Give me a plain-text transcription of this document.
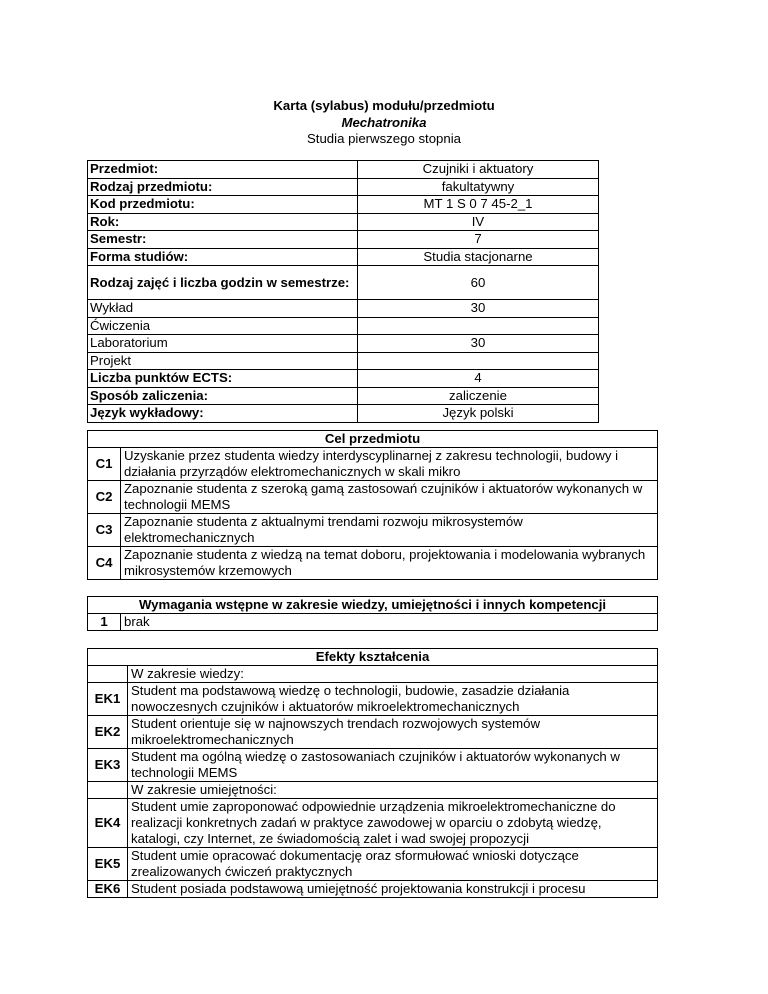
Karta (sylabus) modułu/przedmiotu
Mechatronika
Studia pierwszego stopnia
Przedmiot:	Czujniki i aktuatory
Rodzaj przedmiotu:	fakultatywny
Kod przedmiotu:	MT 1 S 0 7 45-2_1
Rok:	IV
Semestr:	7
Forma studiów:	Studia stacjonarne
Rodzaj zajęć i liczba godzin w semestrze:	60
Wykład	30
Ćwiczenia	
Laboratorium	30
Projekt	
Liczba punktów ECTS:	4
Sposób zaliczenia:	zaliczenie
Język wykładowy:	Język polski
Cel przedmiotu	
C1	Uzyskanie przez studenta wiedzy interdyscyplinarnej z zakresu technologii, budowy i działania przyrządów elektromechanicznych w skali mikro
C2	Zapoznanie studenta z szeroką gamą zastosowań czujników i aktuatorów wykonanych w technologii MEMS
C3	Zapoznanie studenta z aktualnymi trendami rozwoju mikrosystemów elektromechanicznych
C4	Zapoznanie studenta z wiedzą na temat doboru, projektowania i modelowania wybranych mikrosystemów krzemowych
Wymagania wstępne w zakresie wiedzy, umiejętności i innych kompetencji
1	brak
Efekty kształcenia	
	W zakresie wiedzy:
EK1	Student ma podstawową wiedzę o technologii, budowie, zasadzie działania nowoczesnych czujników i aktuatorów mikroelektromechanicznych
EK2	Student orientuje się w najnowszych trendach rozwojowych systemów mikroelektromechanicznych
EK3	Student ma ogólną wiedzę o zastosowaniach czujników i aktuatorów wykonanych w technologii MEMS
	W zakresie umiejętności:
EK4	Student umie zaproponować odpowiednie urządzenia mikroelektromechaniczne do realizacji konkretnych zadań w praktyce zawodowej w oparciu o zdobytą wiedzę, katalogi, czy Internet, ze świadomością zalet i wad swojej propozycji
EK5	Student umie opracować dokumentację oraz sformułować wnioski dotyczące zrealizowanych ćwiczeń praktycznych
EK6	Student posiada podstawową umiejętność projektowania konstrukcji i procesu
